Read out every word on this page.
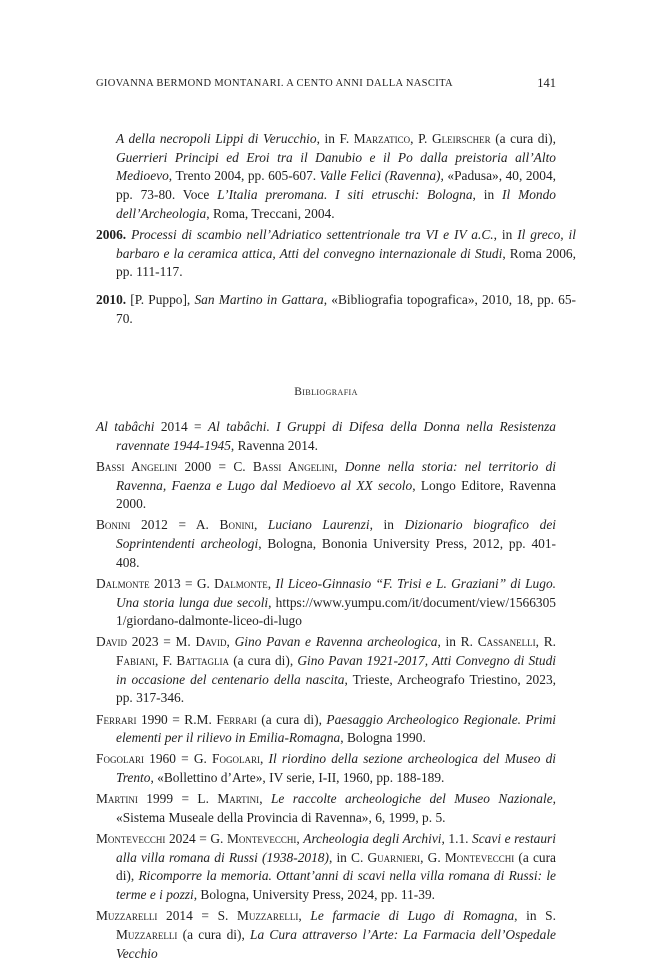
GIOVANNA BERMOND MONTANARI. A CENTO ANNI DALLA NASCITA	141
A della necropoli Lippi di Verucchio, in F. Marzatico, P. Gleirscher (a cura di), Guerrieri Principi ed Eroi tra il Danubio e il Po dalla preistoria all’Alto Medioevo, Trento 2004, pp. 605-607. Valle Felici (Ravenna), «Padusa», 40, 2004, pp. 73-80. Voce L’Italia preromana. I siti etruschi: Bologna, in Il Mondo dell’Archeologia, Roma, Treccani, 2004.
2006. Processi di scambio nell’Adriatico settentrionale tra VI e IV a.C., in Il greco, il barbaro e la ceramica attica, Atti del convegno internazionale di Studi, Roma 2006, pp. 111-117.
2010. [P. Puppo], San Martino in Gattara, «Bibliografia topografica», 2010, 18, pp. 65-70.
Bibliografia

Al tabâchi 2014 = Al tabâchi. I Gruppi di Difesa della Donna nella Resistenza ravennate 1944-1945, Ravenna 2014.

Bassi Angelini 2000 = C. Bassi Angelini, Donne nella storia: nel territorio di Ravenna, Faenza e Lugo dal Medioevo al XX secolo, Longo Editore, Ravenna 2000.

Bonini 2012 = A. Bonini, Luciano Laurenzi, in Dizionario biografico dei Soprintendenti archeologi, Bologna, Bononia University Press, 2012, pp. 401-408.

Dalmonte 2013 = G. Dalmonte, Il Liceo-Ginnasio “F. Trisi e L. Graziani” di Lugo. Una storia lunga due secoli, https://www.yumpu.com/it/document/view/15663051/giordano-dalmonte-liceo-di-lugo

David 2023 = M. David, Gino Pavan e Ravenna archeologica, in R. Cassanelli, R. Fabiani, F. Battaglia (a cura di), Gino Pavan 1921-2017, Atti Convegno di Studi in occasione del centenario della nascita, Trieste, Archeografo Triestino, 2023, pp. 317-346.

Ferrari 1990 = R.M. Ferrari (a cura di), Paesaggio Archeologico Regionale. Primi elementi per il rilievo in Emilia-Romagna, Bologna 1990.

Fogolari 1960 = G. Fogolari, Il riordino della sezione archeologica del Museo di Trento, «Bollettino d’Arte», IV serie, I-II, 1960, pp. 188-189.

Martini 1999 = L. Martini, Le raccolte archeologiche del Museo Nazionale, «Sistema Museale della Provincia di Ravenna», 6, 1999, p. 5.

Montevecchi 2024 = G. Montevecchi, Archeologia degli Archivi, 1.1. Scavi e restauri alla villa romana di Russi (1938-2018), in C. Guarnieri, G. Montevecchi (a cura di), Ricomporre la memoria. Ottant’anni di scavi nella villa romana di Russi: le terme e i pozzi, Bologna, University Press, 2024, pp. 11-39.

Muzzarelli 2014 = S. Muzzarelli, Le farmacie di Lugo di Romagna, in S. Muzzarelli (a cura di), La Cura attraverso l’Arte: La Farmacia dell’Ospedale Vecchio
